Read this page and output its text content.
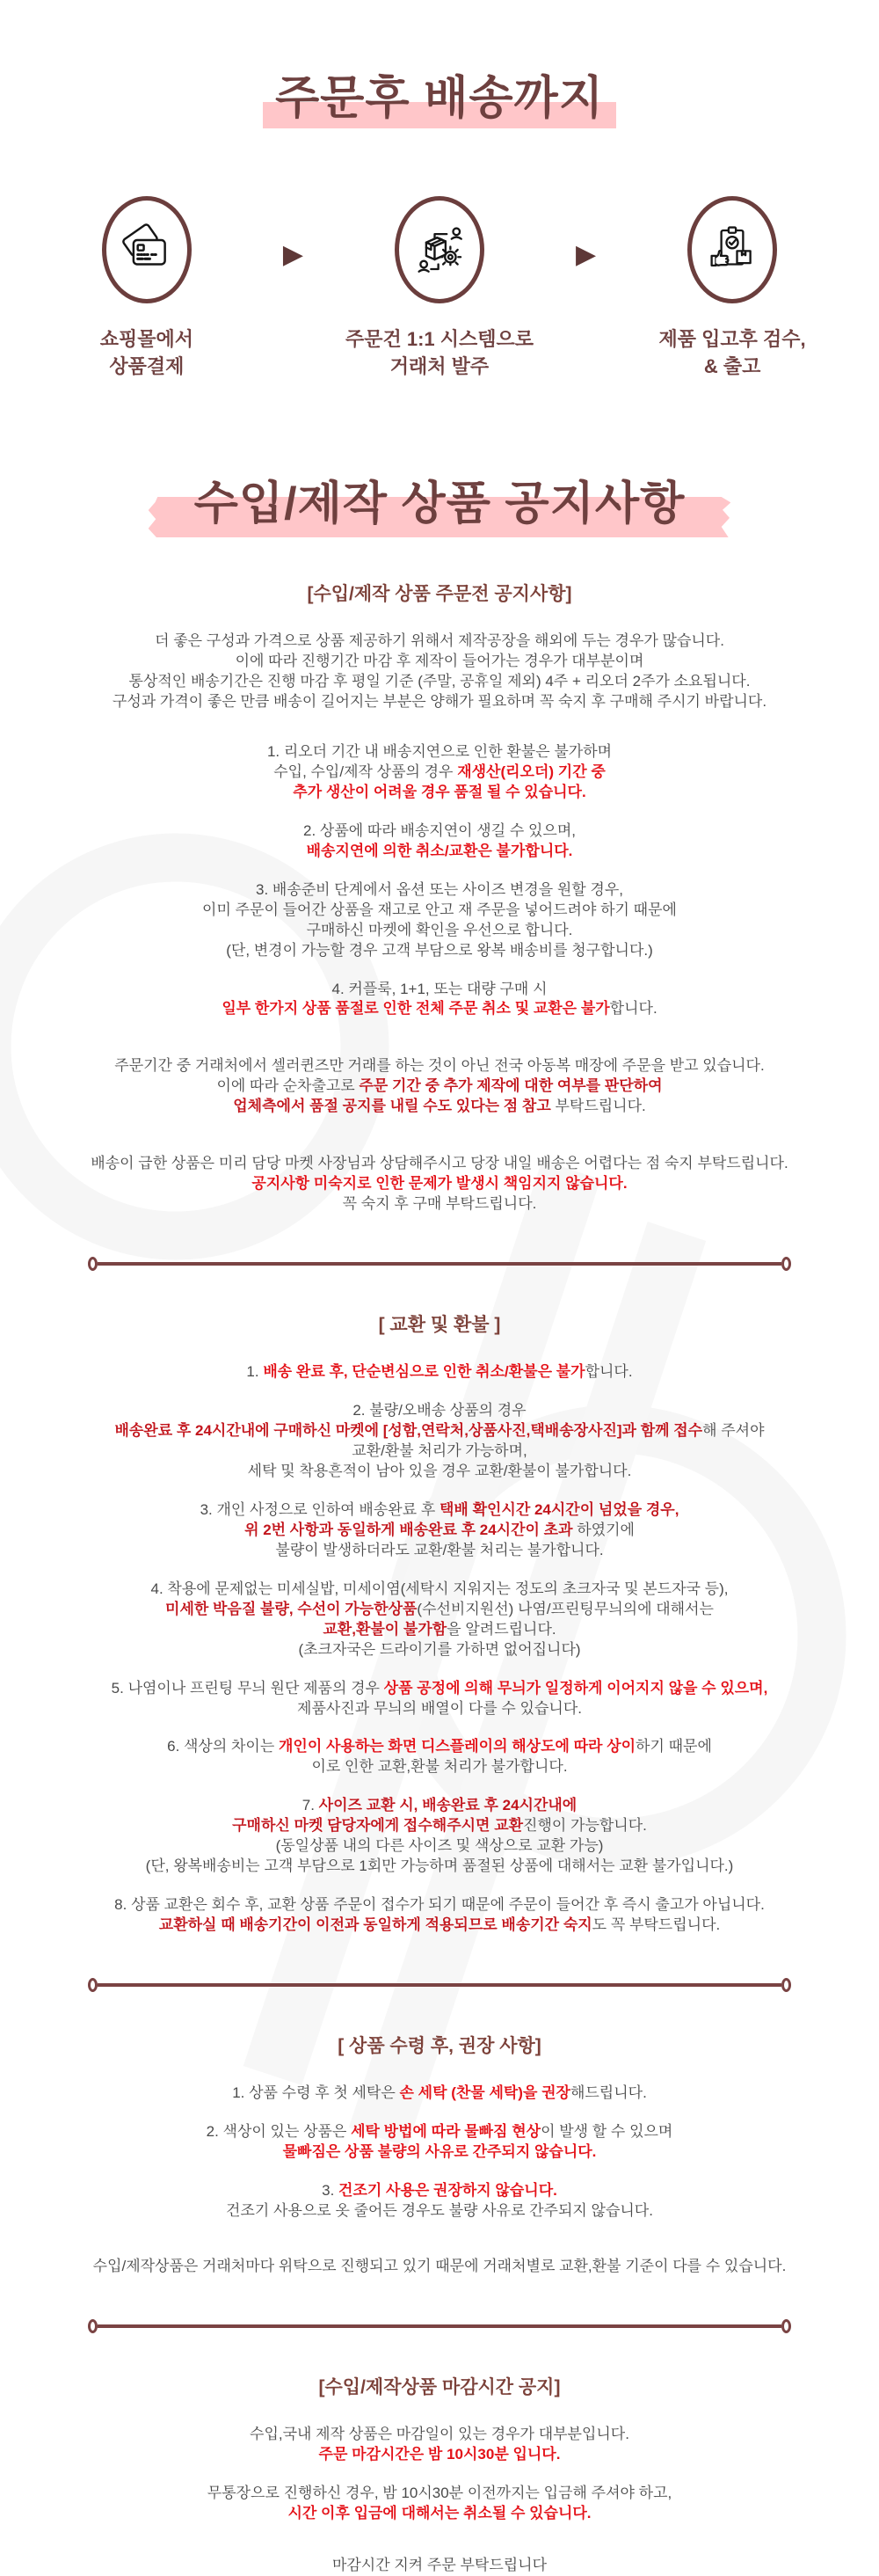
주문후 배송까지
쇼핑몰에서
상품결제
▶
주문건 1:1 시스템으로
거래처 발주
▶
제품 입고후 검수,
& 출고
수입/제작 상품 공지사항
[수입/제작 상품 주문전 공지사항]
더 좋은 구성과 가격으로 상품 제공하기 위해서 제작공장을 해외에 두는 경우가 많습니다.
이에 따라 진행기간 마감 후 제작이 들어가는 경우가 대부분이며
통상적인 배송기간은 진행 마감 후 평일 기준 (주말, 공휴일 제외) 4주 + 리오더 2주가 소요됩니다.
구성과 가격이 좋은 만큼 배송이 길어지는 부분은 양해가 필요하며 꼭 숙지 후 구매해 주시기 바랍니다.
1. 리오더 기간 내 배송지연으로 인한 환불은 불가하며
수입, 수입/제작 상품의 경우 재생산(리오더) 기간 중
추가 생산이 어려울 경우 품절 될 수 있습니다.
2. 상품에 따라 배송지연이 생길 수 있으며,
배송지연에 의한 취소/교환은 불가합니다.
3. 배송준비 단계에서 옵션 또는 사이즈 변경을 원할 경우,
이미 주문이 들어간 상품을 재고로 안고 재 주문을 넣어드려야 하기 때문에
구매하신 마켓에 확인을 우선으로 합니다.
(단, 변경이 가능할 경우 고객 부담으로 왕복 배송비를 청구합니다.)
4. 커플룩, 1+1, 또는 대량 구매 시
일부 한가지 상품 품절로 인한 전체 주문 취소 및 교환은 불가합니다.
주문기간 중 거래처에서 셀러퀸즈만 거래를 하는 것이 아닌 전국 아동복 매장에 주문을 받고 있습니다.
이에 따라 순차출고로 주문 기간 중 추가 제작에 대한 여부를 판단하여
업체측에서 품절 공지를 내릴 수도 있다는 점 참고 부탁드립니다.
배송이 급한 상품은 미리 담당 마켓 사장님과 상담해주시고 당장 내일 배송은 어렵다는 점 숙지 부탁드립니다.
공지사항 미숙지로 인한 문제가 발생시 책임지지 않습니다.
꼭 숙지 후 구매 부탁드립니다.
[ 교환 및 환불 ]
1. 배송 완료 후, 단순변심으로 인한 취소/환불은 불가합니다.
2. 불량/오배송 상품의 경우
배송완료 후 24시간내에 구매하신 마켓에 [성함,연락처,상품사진,택배송장사진]과 함께 접수해 주셔야
교환/환불 처리가 가능하며,
세탁 및 착용흔적이 남아 있을 경우 교환/환불이 불가합니다.
3. 개인 사정으로 인하여 배송완료 후 택배 확인시간 24시간이 넘었을 경우,
위 2번 사항과 동일하게 배송완료 후 24시간이 초과 하였기에
불량이 발생하더라도 교환/환불 처리는 불가합니다.
4. 착용에 문제없는 미세실밥, 미세이염(세탁시 지워지는 정도의 초크자국 및 본드자국 등),
미세한 박음질 불량, 수선이 가능한상품(수선비지원선) 나염/프린팅무늬의에 대해서는
교환,환불이 불가함을 알려드립니다.
(초크자국은 드라이기를 가하면 없어집니다)
5. 나염이나 프린팅 무늬 원단 제품의 경우 상품 공정에 의해 무늬가 일정하게 이어지지 않을 수 있으며,
제품사진과 무늬의 배열이 다를 수 있습니다.
6. 색상의 차이는 개인이 사용하는 화면 디스플레이의 해상도에 따라 상이하기 때문에
이로 인한 교환,환불 처리가 불가합니다.
7. 사이즈 교환 시, 배송완료 후 24시간내에
구매하신 마켓 담당자에게 접수해주시면 교환진행이 가능합니다.
(동일상품 내의 다른 사이즈 및 색상으로 교환 가능)
(단, 왕복배송비는 고객 부담으로 1회만 가능하며 품절된 상품에 대해서는 교환 불가입니다.)
8. 상품 교환은 회수 후, 교환 상품 주문이 접수가 되기 때문에 주문이 들어간 후 즉시 출고가 아닙니다.
교환하실 때 배송기간이 이전과 동일하게 적용되므로 배송기간 숙지도 꼭 부탁드립니다.
[ 상품 수령 후, 권장 사항]
1. 상품 수령 후 첫 세탁은 손 세탁 (찬물 세탁)을 권장해드립니다.
2. 색상이 있는 상품은 세탁 방법에 따라 물빠짐 현상이 발생 할 수 있으며
물빠짐은 상품 불량의 사유로 간주되지 않습니다.
3. 건조기 사용은 권장하지 않습니다.
건조기 사용으로 옷 줄어든 경우도 불량 사유로 간주되지 않습니다.
수입/제작상품은 거래처마다 위탁으로 진행되고 있기 때문에 거래처별로 교환,환불 기준이 다를 수 있습니다.
[수입/제작상품 마감시간 공지]
수입,국내 제작 상품은 마감일이 있는 경우가 대부분입니다.
주문 마감시간은 밤 10시30분 입니다.
무통장으로 진행하신 경우, 밤 10시30분 이전까지는 입금해 주셔야 하고,
시간 이후 입금에 대해서는 취소될 수 있습니다.
마감시간 지켜 주문 부탁드립니다
